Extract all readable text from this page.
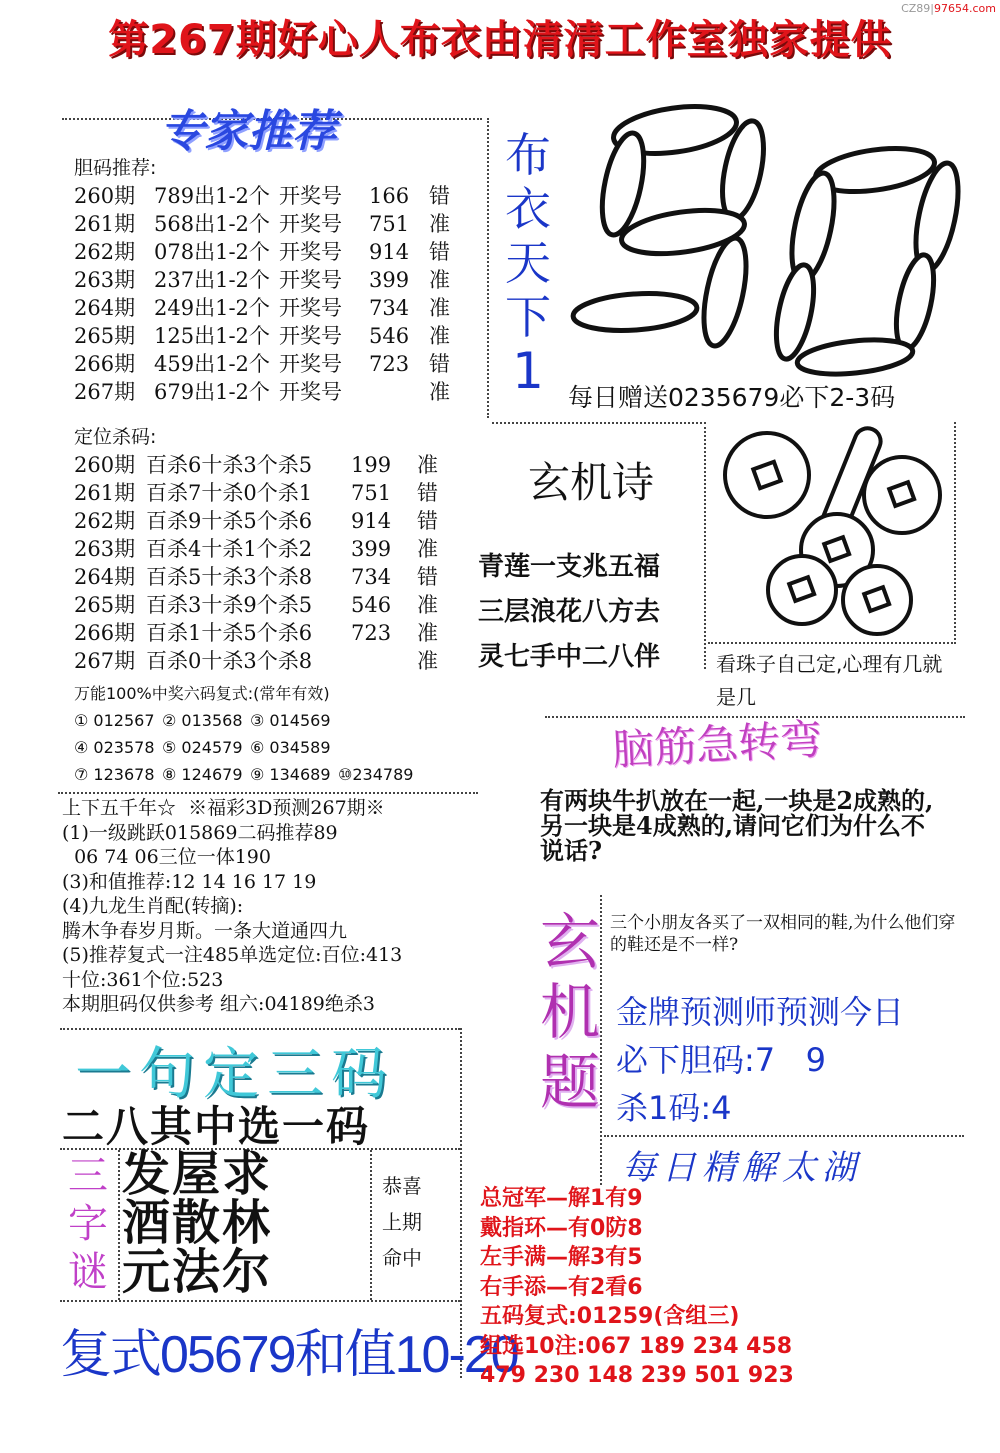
CZ89|97654.com
第267期好心人布衣由清清工作室独家提供
专家推荐
胆码推荐:
260期 789出1-2个 开奖号	166 错
261期 568出1-2个 开奖号	751 准
262期 078出1-2个 开奖号	914 错
263期 237出1-2个 开奖号	399 准
264期 249出1-2个 开奖号	734 准
265期 125出1-2个 开奖号	546 准
266期 459出1-2个 开奖号	723 错
267期 679出1-2个 开奖号	准
定位杀码:
260期 百杀6十杀3个杀5	199	准
261期 百杀7十杀0个杀1	751	错
262期 百杀9十杀5个杀6	914	错
263期 百杀4十杀1个杀2	399	准
264期 百杀5十杀3个杀8	734	错
265期 百杀3十杀9个杀5	546	准
266期 百杀1十杀5个杀6	723	准
267期 百杀0十杀3个杀8	准
万能100%中奖六码复式:(常年有效)
① 012567 ② 013568 ③ 014569
④ 023578 ⑤ 024579 ⑥ 034589
⑦ 123678 ⑧ 124679 ⑨ 134689 ⑩234789
上下五千年☆  ※福彩3D预测267期※
(1)一级跳跃015869二码推荐89
06 74 06三位一体190
(3)和值推荐:12 14 16 17 19
(4)九龙生肖配(转摘):
腾木争春岁月斯。一条大道通四九
(5)推荐复式一注485单选定位:百位:413
十位:361个位:523
本期胆码仅供参考 组六:04189绝杀3
布
衣
天
下
1 每日赠送0235679必下2-3码
玄机诗
青莲一支兆五福
三层浪花八方去
灵七手中二八伴	看珠子自己定,心理有几就是几
脑筋急转弯
有两块牛扒放在一起,一块是2成熟的,另一块是4成熟的,请问它们为什么不说话?
玄
机
题
三个小朋友各买了一双相同的鞋,为什么他们穿的鞋还是不一样?
金牌预测师预测今日
必下胆码:7   9
杀1码:4
一句定三码
二八其中选一码
三
字
谜
发屋求
酒散林
元法尔
恭喜
上期
命中
复式05679和值10-20
每日精解太湖
总冠军—解1有9
戴指环—有0防8
左手满—解3有5
右手添—有2看6
五码复式:01259(含组三)
组选10注:067 189 234 458
479 230 148 239 501 923
